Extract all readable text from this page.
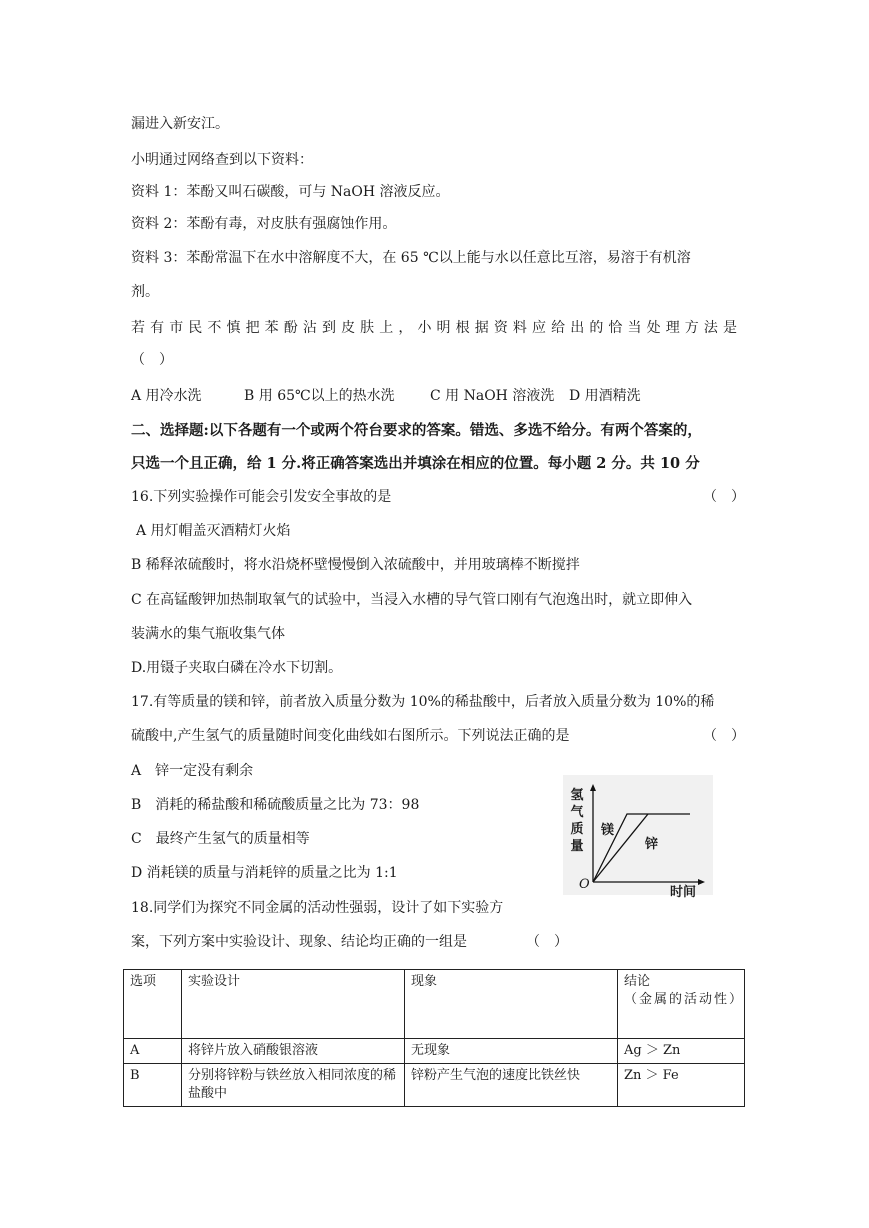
漏进入新安江。
小明通过网络查到以下资料：
资料 1：苯酚又叫石碳酸，可与 NaOH 溶液反应。
资料 2：苯酚有毒，对皮肤有强腐蚀作用。
资料 3：苯酚常温下在水中溶解度不大，在 65 ℃以上能与水以任意比互溶，易溶于有机溶
剂。
若有市民不慎把苯酚沾到皮肤上，小明根据资料应给出的恰当处理方法是
（　）
A 用冷水洗	B 用 65℃以上的热水洗	C 用 NaOH 溶液洗 D 用酒精洗
二、选择题:以下各题有一个或两个符台要求的答案。错选、多选不给分。有两个答案的，
只选一个且正确，给 1 分.将正确答案选出并填涂在相应的位置。每小题 2 分。共 10 分
16.下列实验操作可能会引发安全事故的是	（　）
A 用灯帽盖灭酒精灯火焰
B 稀释浓硫酸时，将水沿烧杯壁慢慢倒入浓硫酸中，并用玻璃棒不断搅拌
C 在高锰酸钾加热制取氧气的试验中，当浸入水槽的导气管口刚有气泡逸出时，就立即伸入
装满水的集气瓶收集气体
D.用镊子夹取白磷在冷水下切割。
17.有等质量的镁和锌，前者放入质量分数为 10%的稀盐酸中，后者放入质量分数为 10%的稀
硫酸中,产生氢气的质量随时间变化曲线如右图所示。下列说法正确的是	（　）
A　锌一定没有剩余
B　消耗的稀盐酸和稀硫酸质量之比为 73：98
C　最终产生氢气的质量相等
D 消耗镁的质量与消耗锌的质量之比为 1:1
氢
气
质
量
镁
锌
O
时间
18.同学们为探究不同金属的活动性强弱，设计了如下实验方
案，下列方案中实验设计、现象、结论均正确的一组是	（　）
选项	实验设计	现象	结论
（金属的活动性）

A	将锌片放入硝酸银溶液	无现象	Ag ＞ Zn
B	分别将锌粉与铁丝放入相同浓度的稀盐酸中	锌粉产生气泡的速度比铁丝快	Zn ＞ Fe
